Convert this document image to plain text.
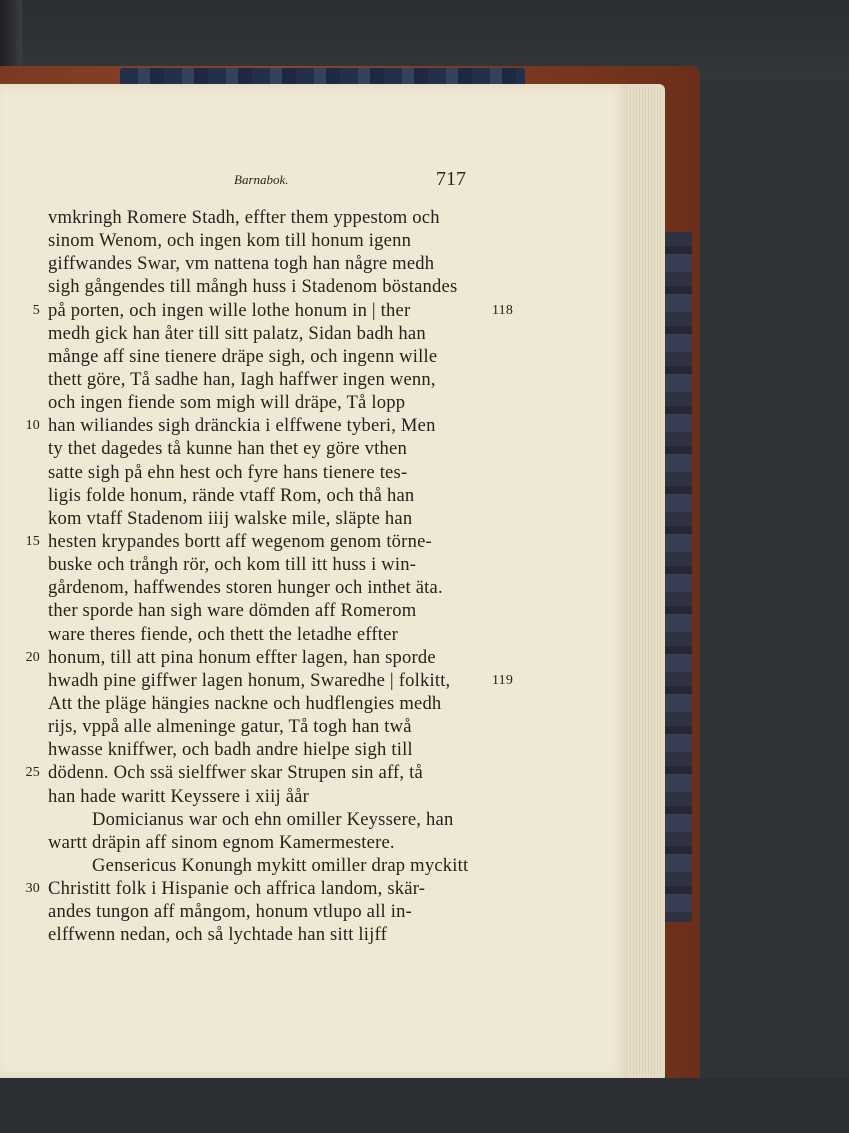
Barnabok.	717
vmkringh Romere Stadh, effter them yppestom och
sinom Wenom, och ingen kom till honum igenn
giffwandes Swar, vm nattena togh han någre medh
sigh gångendes till mångh huss i Stadenom böstandes
5 på porten, och ingen wille lothe honum in | ther	118
medh gick han åter till sitt palatz, Sidan badh han
månge aff sine tienere dräpe sigh, och ingenn wille
thett göre, Tå sadhe han, Iagh haffwer ingen wenn,
och ingen fiende som migh will dräpe, Tå lopp
10 han wiliandes sigh dränckia i elffwene tyberi, Men
ty thet dagedes tå kunne han thet ey göre vthen
satte sigh på ehn hest och fyre hans tienere tes-
ligis folde honum, rände vtaff Rom, och thå han
kom vtaff Stadenom iiij walske mile, släpte han
15 hesten krypandes bortt aff wegenom genom törne-
buske och trångh rör, och kom till itt huss i win-
gårdenom, haffwendes storen hunger och inthet äta.
ther sporde han sigh ware dömden aff Romerom
ware theres fiende, och thett the letadhe effter
20 honum, till att pina honum effter lagen, han sporde
hwadh pine giffwer lagen honum, Swaredhe | folkitt,	119
Att the pläge hängies nackne och hudflengies medh
rijs, vppå alle almeninge gatur, Tå togh han twå
hwasse kniffwer, och badh andre hielpe sigh till
25 dödenn. Och ssä sielffwer skar Strupen sin aff, tå
han hade waritt Keyssere i xiij åår
Domicianus war och ehn omiller Keyssere, han
wartt dräpin aff sinom egnom Kamermestere.
Gensericus Konungh mykitt omiller drap myckitt
30 Christitt folk i Hispanie och affrica landom, skär-
andes tungon aff mångom, honum vtlupo all in-
elffwenn nedan, och så lychtade han sitt lijff
